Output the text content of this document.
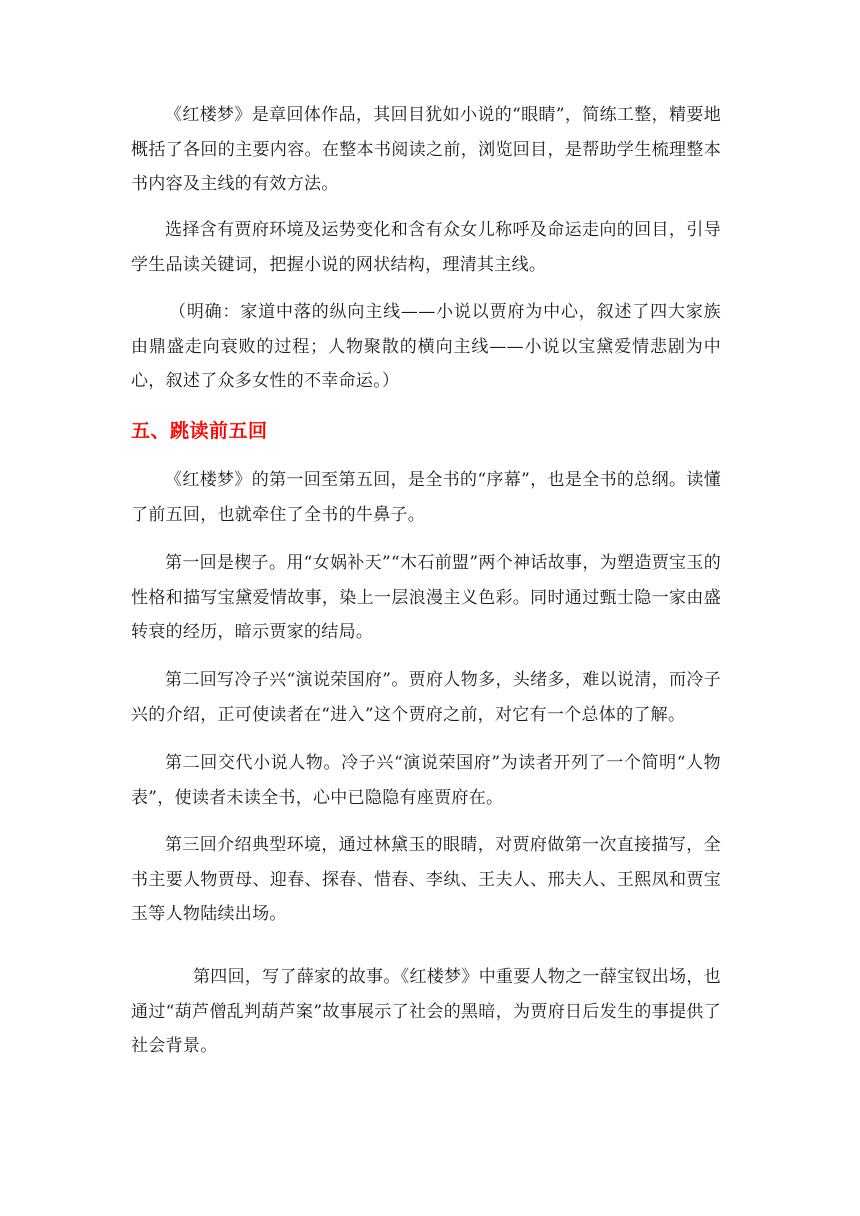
《红楼梦》是章回体作品，其回目犹如小说的“眼睛”，简练工整，精要地概括了各回的主要内容。在整本书阅读之前，浏览回目，是帮助学生梳理整本书内容及主线的有效方法。

选择含有贾府环境及运势变化和含有众女儿称呼及命运走向的回目，引导学生品读关键词，把握小说的网状结构，理清其主线。

（明确：家道中落的纵向主线——小说以贾府为中心，叙述了四大家族由鼎盛走向衰败的过程；人物聚散的横向主线——小说以宝黛爱情悲剧为中心，叙述了众多女性的不幸命运。）

五、跳读前五回

《红楼梦》的第一回至第五回，是全书的“序幕”，也是全书的总纲。读懂了前五回，也就牵住了全书的牛鼻子。

第一回是楔子。用“女娲补天”“木石前盟”两个神话故事，为塑造贾宝玉的性格和描写宝黛爱情故事，染上一层浪漫主义色彩。同时通过甄士隐一家由盛转衰的经历，暗示贾家的结局。

第二回写冷子兴“演说荣国府”。贾府人物多，头绪多，难以说清，而冷子兴的介绍，正可使读者在“进入”这个贾府之前，对它有一个总体的了解。

第二回交代小说人物。冷子兴“演说荣国府”为读者开列了一个简明“人物表”，使读者未读全书，心中已隐隐有座贾府在。

第三回介绍典型环境，通过林黛玉的眼睛，对贾府做第一次直接描写，全书主要人物贾母、迎春、探春、惜春、李纨、王夫人、邢夫人、王熙凤和贾宝玉等人物陆续出场。

第四回，写了薛家的故事。《红楼梦》中重要人物之一薛宝钗出场，也通过“葫芦僧乱判葫芦案”故事展示了社会的黑暗，为贾府日后发生的事提供了社会背景。
